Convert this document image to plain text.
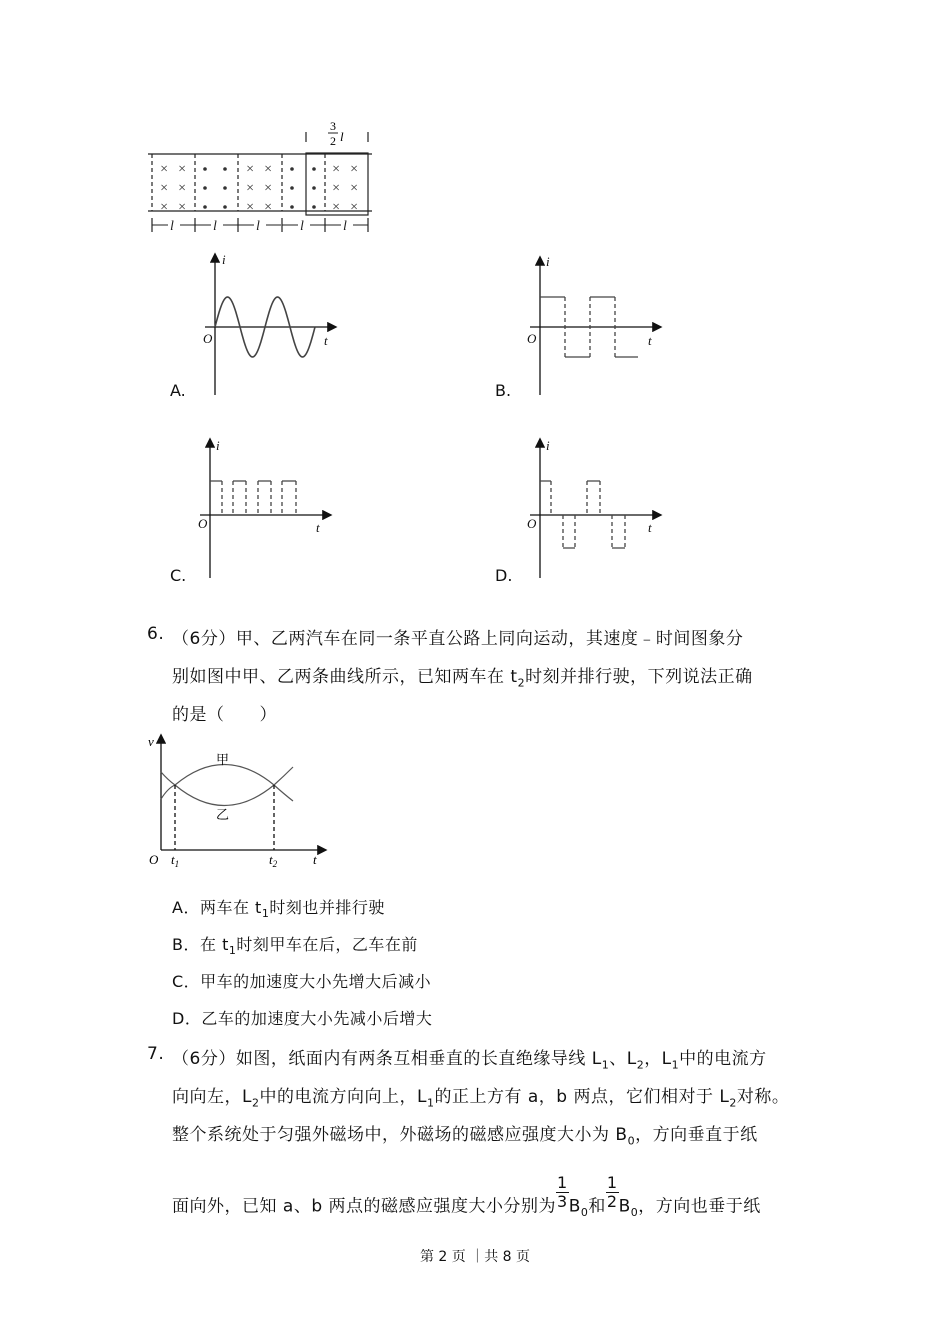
× ×	× ×	× ×
× ×	× ×	× ×
× ×	× ×	× ×
l	l	l	l	l
3
2 l
i
t
O
i
t
O
i
t
O
i
t
O
A.	B.
C.	D.
6. （6分）甲、乙两汽车在同一条平直公路上同向运动，其速度﹣时间图象分
别如图中甲、乙两条曲线所示，已知两车在 $t_2$时刻并排行驶，下列说法正确
的是（　　）
v
t
O $t_1$	$t_2$
甲
乙
A．两车在 $t_1$时刻也并排行驶
B．在 $t_1$时刻甲车在后，乙车在前
C．甲车的加速度大小先增大后减小
D．乙车的加速度大小先减小后增大
7. （6分）如图，纸面内有两条互相垂直的长直绝缘导线 $L_1$、$L_2$，$L_1$中的电流方
向向左，$L_2$中的电流方向向上，$L_1$的正上方有 a，b 两点，它们相对于 $L_2$对称。
整个系统处于匀强外磁场中，外磁场的磁感应强度大小为 $B_0$，方向垂直于纸
面向外，已知 a、b 两点的磁感应强度大小分别为 $\frac{1}{3} B_0$和 $\frac{1}{2} B_0$，方向也垂于纸
第 2 页 ｜共 8 页
